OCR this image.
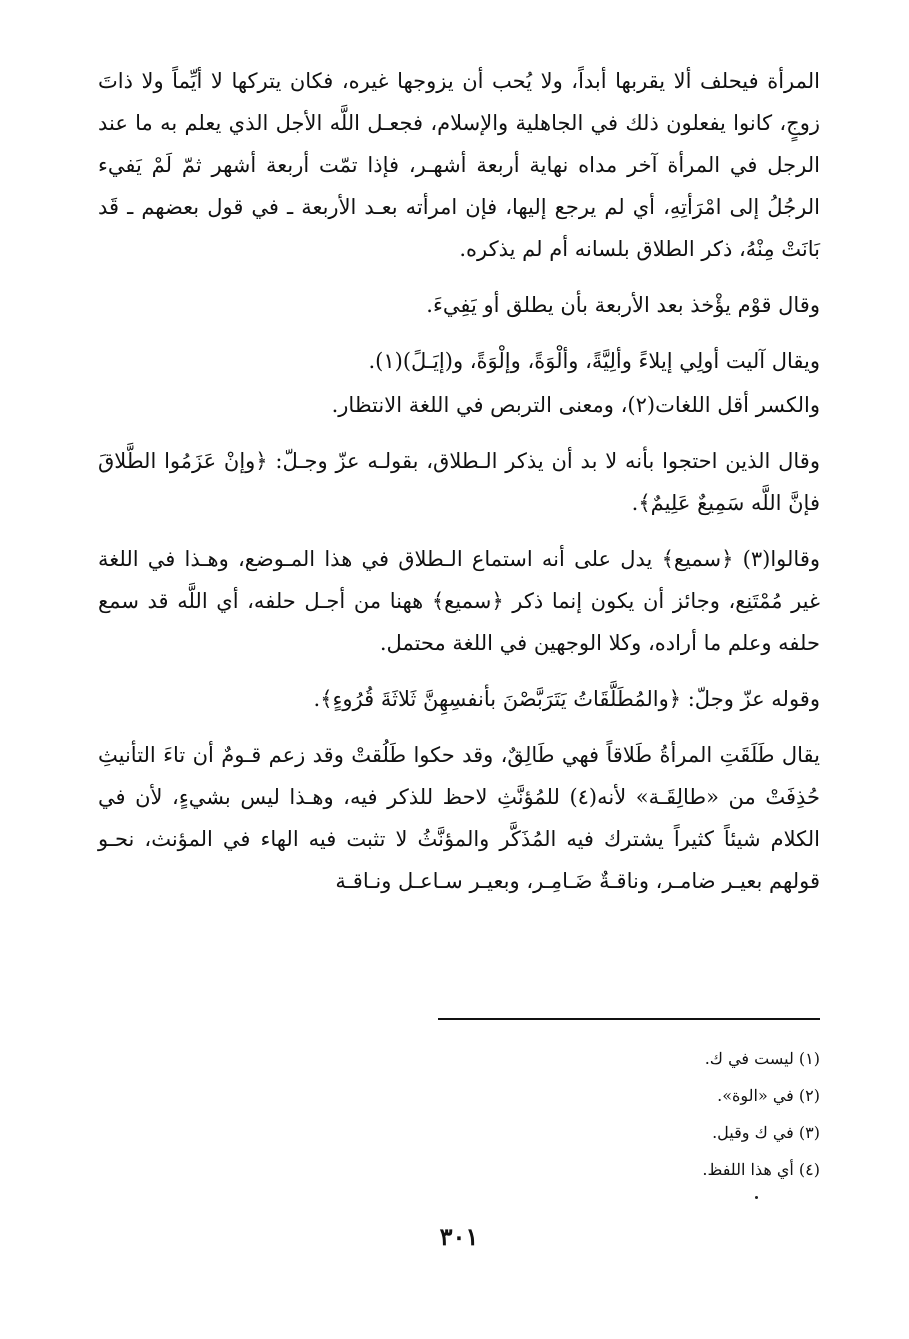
المرأة فيحلف ألا يقربها أبداً، ولا يُحب أن يزوجها غيره، فكان يتركها لا أيِّماً ولا ذاتَ زوجٍ، كانوا يفعلون ذلك في الجاهلية والإسلام، فجعـل اللَّه الأجل الذي يعلم به ما عند الرجل في المرأة آخر مداه نهاية أربعة أشهـر، فإذا تمّت أربعة أشهر ثمّ لَمْ يَفيء الرجُلُ إلى امْرَأتِهِ، أي لم يرجع إليها، فإن امرأته بعـد الأربعة ـ في قول بعضهم ـ قَد بَانَتْ مِنْهُ، ذكر الطلاق بلسانه أم لم يذكره.

وقال قوْم يؤْخذ بعد الأربعة بأن يطلق أو يَفِيءَ.

ويقال آليت أولِي إيلاءً وألِيَّةً، وألْوَةً، وإلْوَةً، و(إيَـلً)(١).

والكسر أقل اللغات(٢)، ومعنى التربص في اللغة الانتظار.

وقال الذين احتجوا بأنه لا بد أن يذكر الـطلاق، بقولـه عزّ وجـلّ: ﴿وإنْ عَزَمُوا الطَّلاقَ فإنَّ اللَّه سَمِيعٌ عَلِيمٌ﴾.

وقالوا(٣) ﴿سميع﴾ يدل على أنه استماع الـطلاق في هذا المـوضع، وهـذا في اللغة غير مُمْتَنِع، وجائز أن يكون إنما ذكر ﴿سميع﴾ ههنا من أجـل حلفه، أي اللَّه قد سمع حلفه وعلم ما أراده، وكلا الوجهين في اللغة محتمل.

وقوله عزّ وجلّ: ﴿والمُطَلَّقَاتُ يَتَرَبَّصْنَ بأنفسِهِنَّ ثَلاثَةَ قُرُوءٍ﴾.

يقال طَلَقَتِ المرأةُ طَلاقاً فهي طَالِقٌ، وقد حكوا طَلُقتْ وقد زعم قـومٌ أن تاءَ التأنيثِ حُذِفَتْ من «طالِقَـة» لأنه(٤) للمُؤنَّثِ لاحظ للذكر فيه، وهـذا ليس بشيءٍ، لأن في الكلام شيئاً كثيراً يشترك فيه المُذَكَّر والمؤنَّثُ لا تثبت فيه الهاء في المؤنث، نحـو قولهم بعيـر ضامـر، وناقـةٌ ضَـامِـر، وبعيـر سـاعـل ونـاقـة

(١) ليست في ك.

(٢) في «الوة».

(٣) في ك وقيل.

(٤) أي هذا اللفظ.

٣٠١
